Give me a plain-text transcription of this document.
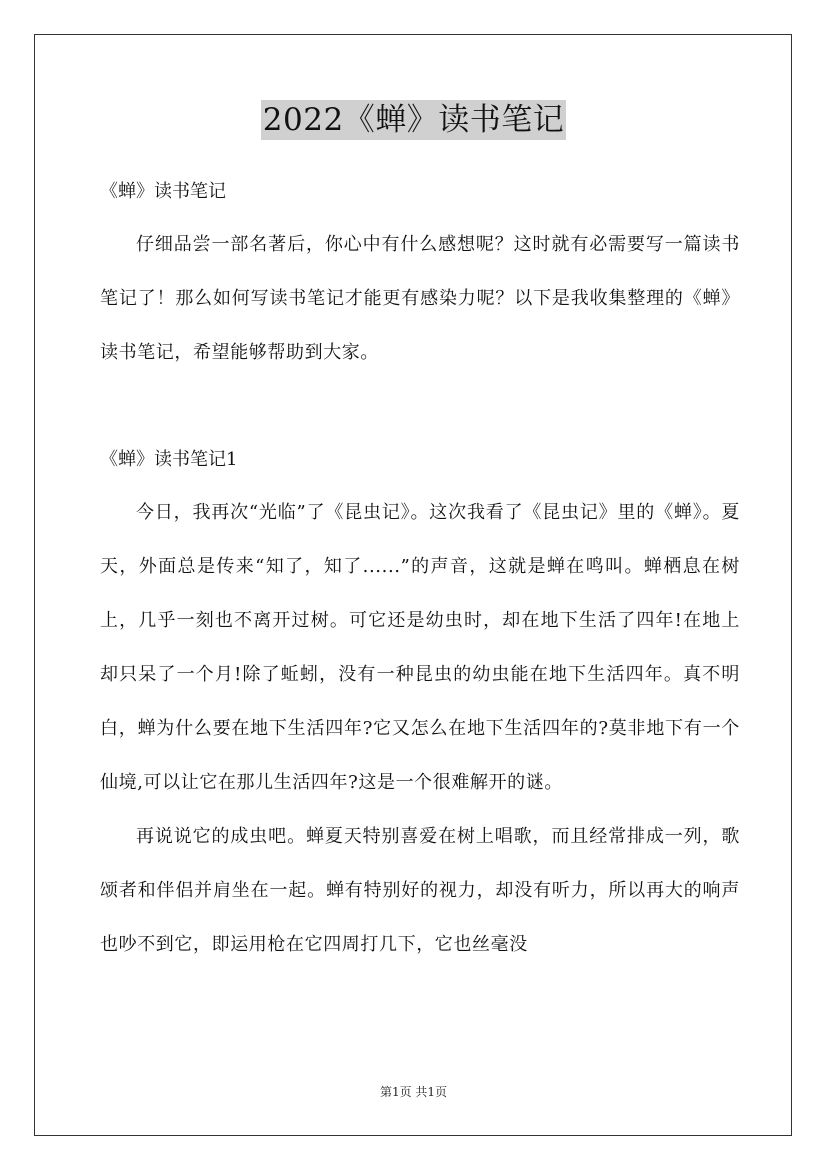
2022《蝉》读书笔记

《蝉》读书笔记

仔细品尝一部名著后，你心中有什么感想呢？这时就有必需要写一篇读书笔记了！那么如何写读书笔记才能更有感染力呢？以下是我收集整理的《蝉》读书笔记，希望能够帮助到大家。

《蝉》读书笔记1

今日，我再次“光临”了《昆虫记》。这次我看了《昆虫记》里的《蝉》。夏天，外面总是传来“知了，知了......”的声音，这就是蝉在鸣叫。蝉栖息在树上，几乎一刻也不离开过树。可它还是幼虫时，却在地下生活了四年!在地上却只呆了一个月!除了蚯蚓，没有一种昆虫的幼虫能在地下生活四年。真不明白，蝉为什么要在地下生活四年?它又怎么在地下生活四年的?莫非地下有一个仙境,可以让它在那儿生活四年?这是一个很难解开的谜。

再说说它的成虫吧。蝉夏天特别喜爱在树上唱歌，而且经常排成一列，歌颂者和伴侣并肩坐在一起。蝉有特别好的视力，却没有听力，所以再大的响声也吵不到它，即运用枪在它四周打几下，它也丝毫没

第1页 共1页
